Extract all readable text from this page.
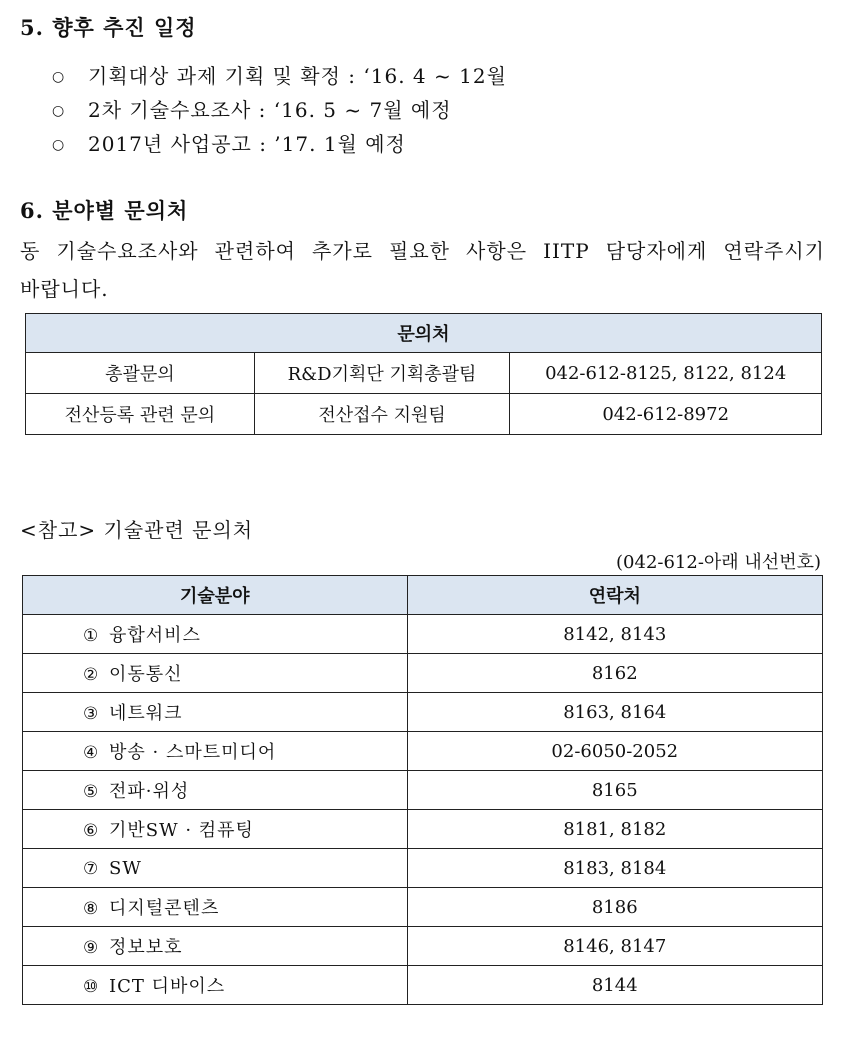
5. 향후 추진 일정
○ 기획대상 과제 기획 및 확정 : ‘16. 4 ~ 12월
○ 2차 기술수요조사 : ‘16. 5 ~ 7월 예정
○ 2017년 사업공고 : ’17. 1월 예정
6. 분야별 문의처
동 기술수요조사와 관련하여 추가로 필요한 사항은 IITP 담당자에게 연락주시기
바랍니다.
문의처		
총괄문의	R&D기획단 기획총괄팀	042-612-8125, 8122, 8124
전산등록 관련 문의	전산접수 지원팀	042-612-8972
<참고> 기술관련 문의처
(042-612-아래 내선번호)
기술분야	연락처
① 융합서비스	8142, 8143
② 이동통신	8162
③ 네트워크	8163, 8164
④ 방송 · 스마트미디어	02-6050-2052
⑤ 전파·위성	8165
⑥ 기반SW · 컴퓨팅	8181, 8182
⑦ SW	8183, 8184
⑧ 디지털콘텐츠	8186
⑨ 정보보호	8146, 8147
⑩ ICT 디바이스	8144
